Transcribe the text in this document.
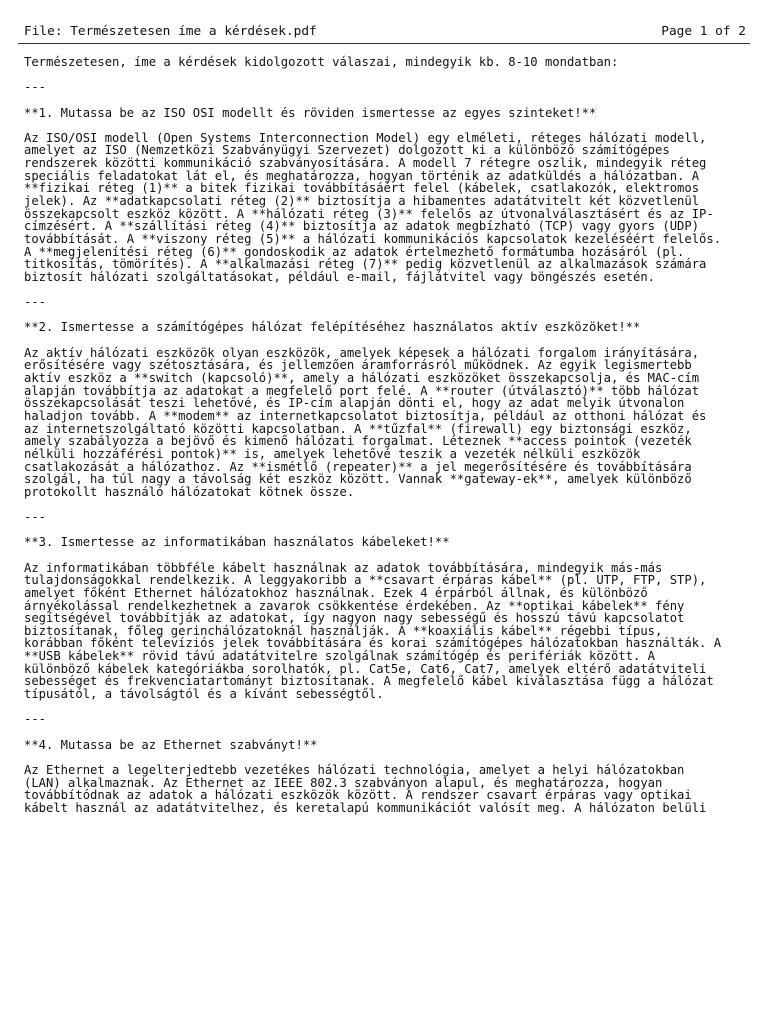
File: Természetesen íme a kérdések.pdf	Page 1 of 2
Természetesen, íme a kérdések kidolgozott válaszai, mindegyik kb. 8-10 mondatban:
---
**1. Mutassa be az ISO OSI modellt és röviden ismertesse az egyes szinteket!**
Az ISO/OSI modell (Open Systems Interconnection Model) egy elméleti, réteges hálózati modell,
amelyet az ISO (Nemzetközi Szabványügyi Szervezet) dolgozott ki a különböző számítógépes
rendszerek közötti kommunikáció szabványosítására. A modell 7 rétegre oszlik, mindegyik réteg
speciális feladatokat lát el, és meghatározza, hogyan történik az adatküldés a hálózatban. A
**fizikai réteg (1)** a bitek fizikai továbbításáért felel (kábelek, csatlakozók, elektromos
jelek). Az **adatkapcsolati réteg (2)** biztosítja a hibamentes adatátvitelt két közvetlenül
összekapcsolt eszköz között. A **hálózati réteg (3)** felelős az útvonalválasztásért és az IP-
címzésért. A **szállítási réteg (4)** biztosítja az adatok megbízható (TCP) vagy gyors (UDP)
továbbítását. A **viszony réteg (5)** a hálózati kommunikációs kapcsolatok kezeléséért felelős.
A **megjelenítési réteg (6)** gondoskodik az adatok értelmezhető formátumba hozásáról (pl.
titkosítás, tömörítés). A **alkalmazási réteg (7)** pedig közvetlenül az alkalmazások számára
biztosít hálózati szolgáltatásokat, például e-mail, fájlátvitel vagy böngészés esetén.
---
**2. Ismertesse a számítógépes hálózat felépítéséhez használatos aktív eszközöket!**
Az aktív hálózati eszközök olyan eszközök, amelyek képesek a hálózati forgalom irányítására,
erősítésére vagy szétosztására, és jellemzően áramforrásról működnek. Az egyik legismertebb
aktív eszköz a **switch (kapcsoló)**, amely a hálózati eszközöket összekapcsolja, és MAC-cím
alapján továbbítja az adatokat a megfelelő port felé. A **router (útválasztó)** több hálózat
összekapcsolását teszi lehetővé, és IP-cím alapján dönti el, hogy az adat melyik útvonalon
haladjon tovább. A **modem** az internetkapcsolatot biztosítja, például az otthoni hálózat és
az internetszolgáltató közötti kapcsolatban. A **tűzfal** (firewall) egy biztonsági eszköz,
amely szabályozza a bejövő és kimenő hálózati forgalmat. Léteznek **access pointok (vezeték
nélküli hozzáférési pontok)** is, amelyek lehetővé teszik a vezeték nélküli eszközök
csatlakozását a hálózathoz. Az **ismétlő (repeater)** a jel megerősítésére és továbbítására
szolgál, ha túl nagy a távolság két eszköz között. Vannak **gateway-ek**, amelyek különböző
protokollt használó hálózatokat kötnek össze.
---
**3. Ismertesse az informatikában használatos kábeleket!**
Az informatikában többféle kábelt használnak az adatok továbbítására, mindegyik más-más
tulajdonságokkal rendelkezik. A leggyakoribb a **csavart érpáras kábel** (pl. UTP, FTP, STP),
amelyet főként Ethernet hálózatokhoz használnak. Ezek 4 érpárból állnak, és különböző
árnyékolással rendelkezhetnek a zavarok csökkentése érdekében. Az **optikai kábelek** fény
segítségével továbbítják az adatokat, így nagyon nagy sebességű és hosszú távú kapcsolatot
biztosítanak, főleg gerinchálózatoknál használják. A **koaxiális kábel** régebbi típus,
korábban főként televíziós jelek továbbítására és korai számítógépes hálózatokban használták. A
**USB kábelek** rövid távú adatátvitelre szolgálnak számítógép és perifériák között. A
különböző kábelek kategóriákba sorolhatók, pl. Cat5e, Cat6, Cat7, amelyek eltérő adatátviteli
sebességet és frekvenciatartományt biztosítanak. A megfelelő kábel kiválasztása függ a hálózat
típusától, a távolságtól és a kívánt sebességtől.
---
**4. Mutassa be az Ethernet szabványt!**
Az Ethernet a legelterjedtebb vezetékes hálózati technológia, amelyet a helyi hálózatokban
(LAN) alkalmaznak. Az Ethernet az IEEE 802.3 szabványon alapul, és meghatározza, hogyan
továbbítódnak az adatok a hálózati eszközök között. A rendszer csavart érpáras vagy optikai
kábelt használ az adatátvitelhez, és keretalapú kommunikációt valósít meg. A hálózaton belüli
